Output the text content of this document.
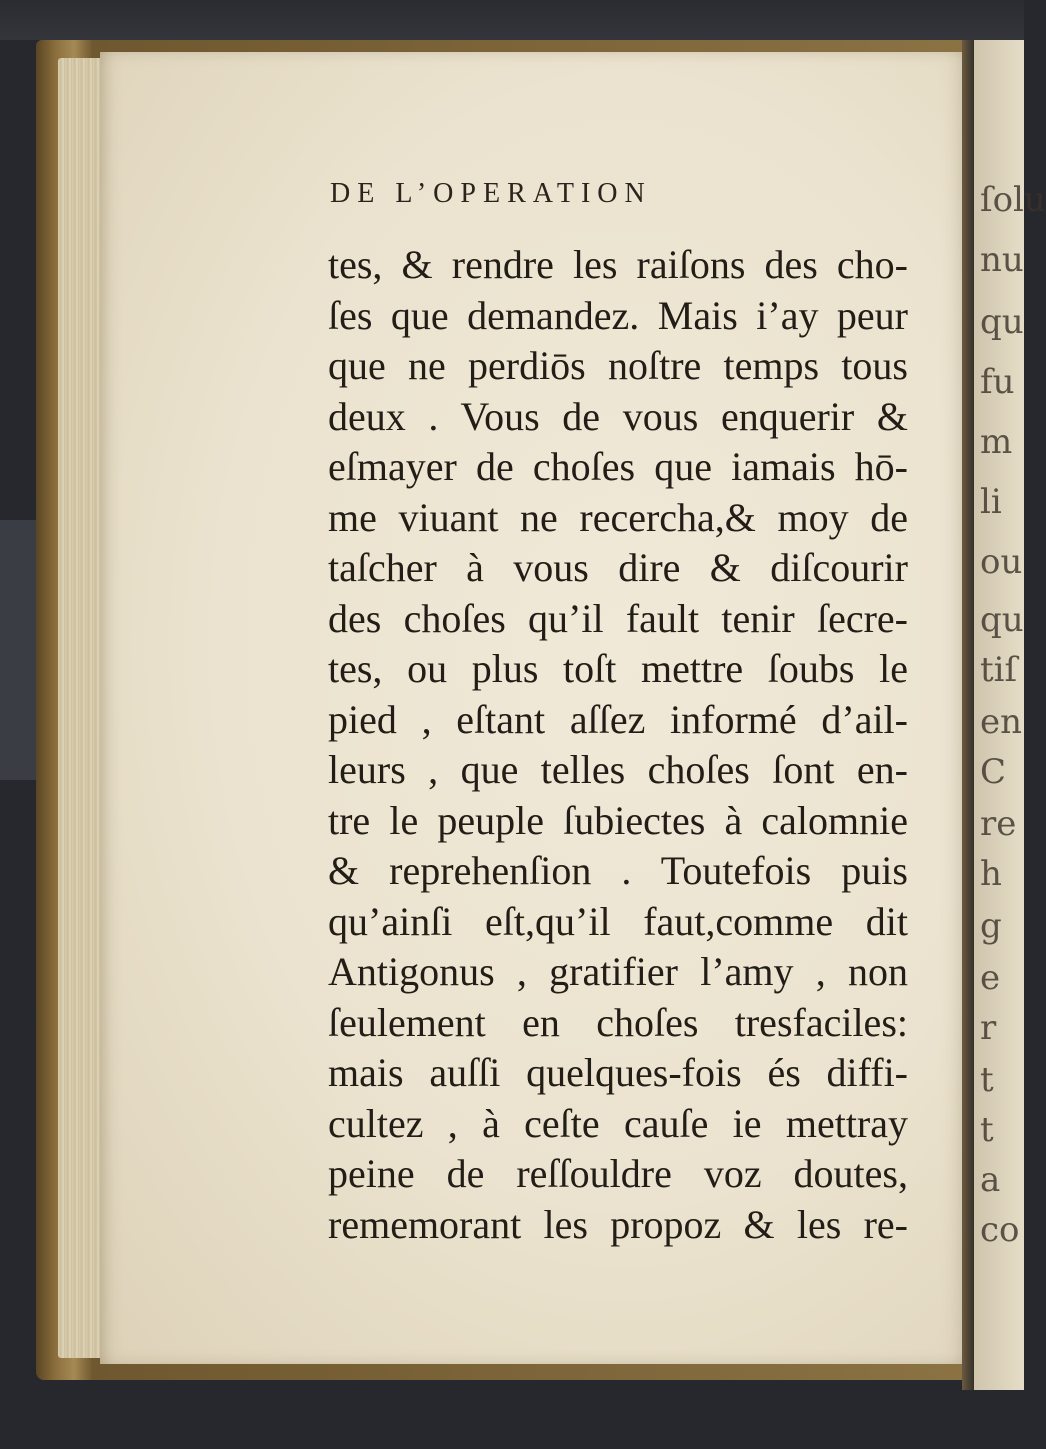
ſolu
nu
qu
fu
m
li
ou
qu
tiſ
en
C
re
h
g
e
r
t
t
a
co
DE L’OPERATION
tes, & rendre les raiſons des cho-
ſes que demandez. Mais i’ay peur
que ne perdiōs noſtre temps tous
deux . Vous de vous enquerir &
eſmayer de choſes que iamais hō-
me viuant ne recercha,& moy de
taſcher à vous dire & diſcourir
des choſes qu’il fault tenir ſecre-
tes, ou plus toſt mettre ſoubs le
pied , eſtant aſſez informé d’ail-
leurs , que telles choſes ſont en-
tre le peuple ſubiectes à calomnie
& reprehenſion . Toutefois puis
qu’ainſi eſt,qu’il faut,comme dit
Antigonus , gratifier l’amy , non
ſeulement en choſes tresfaciles:
mais auſſi quelques-fois és diffi-
cultez , à ceſte cauſe ie mettray
peine de reſſouldre voz doutes,
rememorant les propoz & les re-
